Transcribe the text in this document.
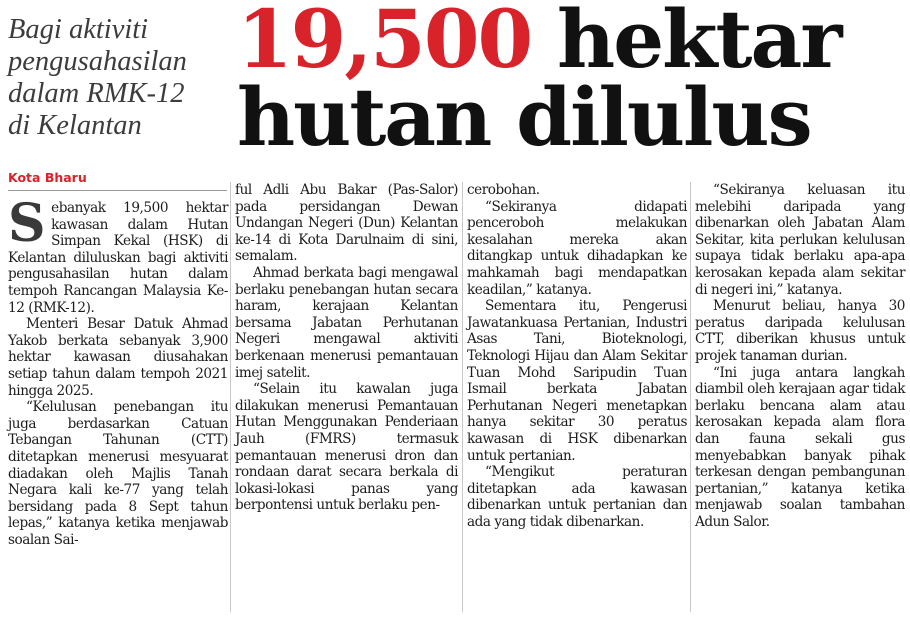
Bagi aktiviti
pengusahasilan
dalam RMK-12
di Kelantan
19,500 hektar
hutan dilulus
Kota Bharu

Sebanyak 19,500 hektar kawasan dalam Hutan Simpan Kekal (HSK) di Kelantan diluluskan bagi aktiviti pengusahasilan hutan dalam tempoh Rancangan Malaysia Ke-12 (RMK-12).

Menteri Besar Datuk Ahmad Yakob berkata sebanyak 3,900 hektar kawasan diusahakan setiap tahun dalam tempoh 2021 hingga 2025.

“Kelulusan penebangan itu juga berdasarkan Catuan Tebangan Tahunan (CTT) ditetapkan menerusi mesyuarat diadakan oleh Majlis Tanah Negara kali ke-77 yang telah bersidang pada 8 Sept tahun lepas,” katanya ketika menjawab soalan Sai-

ful Adli Abu Bakar (Pas-Salor) pada persidangan Dewan Undangan Negeri (Dun) Kelantan ke-14 di Kota Darulnaim di sini, semalam.

Ahmad berkata bagi mengawal berlaku penebangan hutan secara haram, kerajaan Kelantan bersama Jabatan Perhutanan Negeri mengawal aktiviti berkenaan menerusi pemantauan imej satelit.

“Selain itu kawalan juga dilakukan menerusi Pemantauan Hutan Menggunakan Penderiaan Jauh (FMRS) termasuk pemantauan menerusi dron dan rondaan darat secara berkala di lokasi-lokasi panas yang berpontensi untuk berlaku pen-

cerobohan.

“Sekiranya didapati penceroboh melakukan kesalahan mereka akan ditangkap untuk dihadapkan ke mahkamah bagi mendapatkan keadilan,” katanya.

Sementara itu, Pengerusi Jawatankuasa Pertanian, Industri Asas Tani, Bioteknologi, Teknologi Hijau dan Alam Sekitar Tuan Mohd Saripudin Tuan Ismail berkata Jabatan Perhutanan Negeri menetapkan hanya sekitar 30 peratus kawasan di HSK dibenarkan untuk pertanian.

“Mengikut peraturan ditetapkan ada kawasan dibenarkan untuk pertanian dan ada yang tidak dibenarkan.

“Sekiranya keluasan itu melebihi daripada yang dibenarkan oleh Jabatan Alam Sekitar, kita perlukan kelulusan supaya tidak berlaku apa-apa kerosakan kepada alam sekitar di negeri ini,” katanya.

Menurut beliau, hanya 30 peratus daripada kelulusan CTT, diberikan khusus untuk projek tanaman durian.

“Ini juga antara langkah diambil oleh kerajaan agar tidak berlaku bencana alam atau kerosakan kepada alam flora dan fauna sekali gus menyebabkan banyak pihak terkesan dengan pembangunan pertanian,” katanya ketika menjawab soalan tambahan Adun Salor.
